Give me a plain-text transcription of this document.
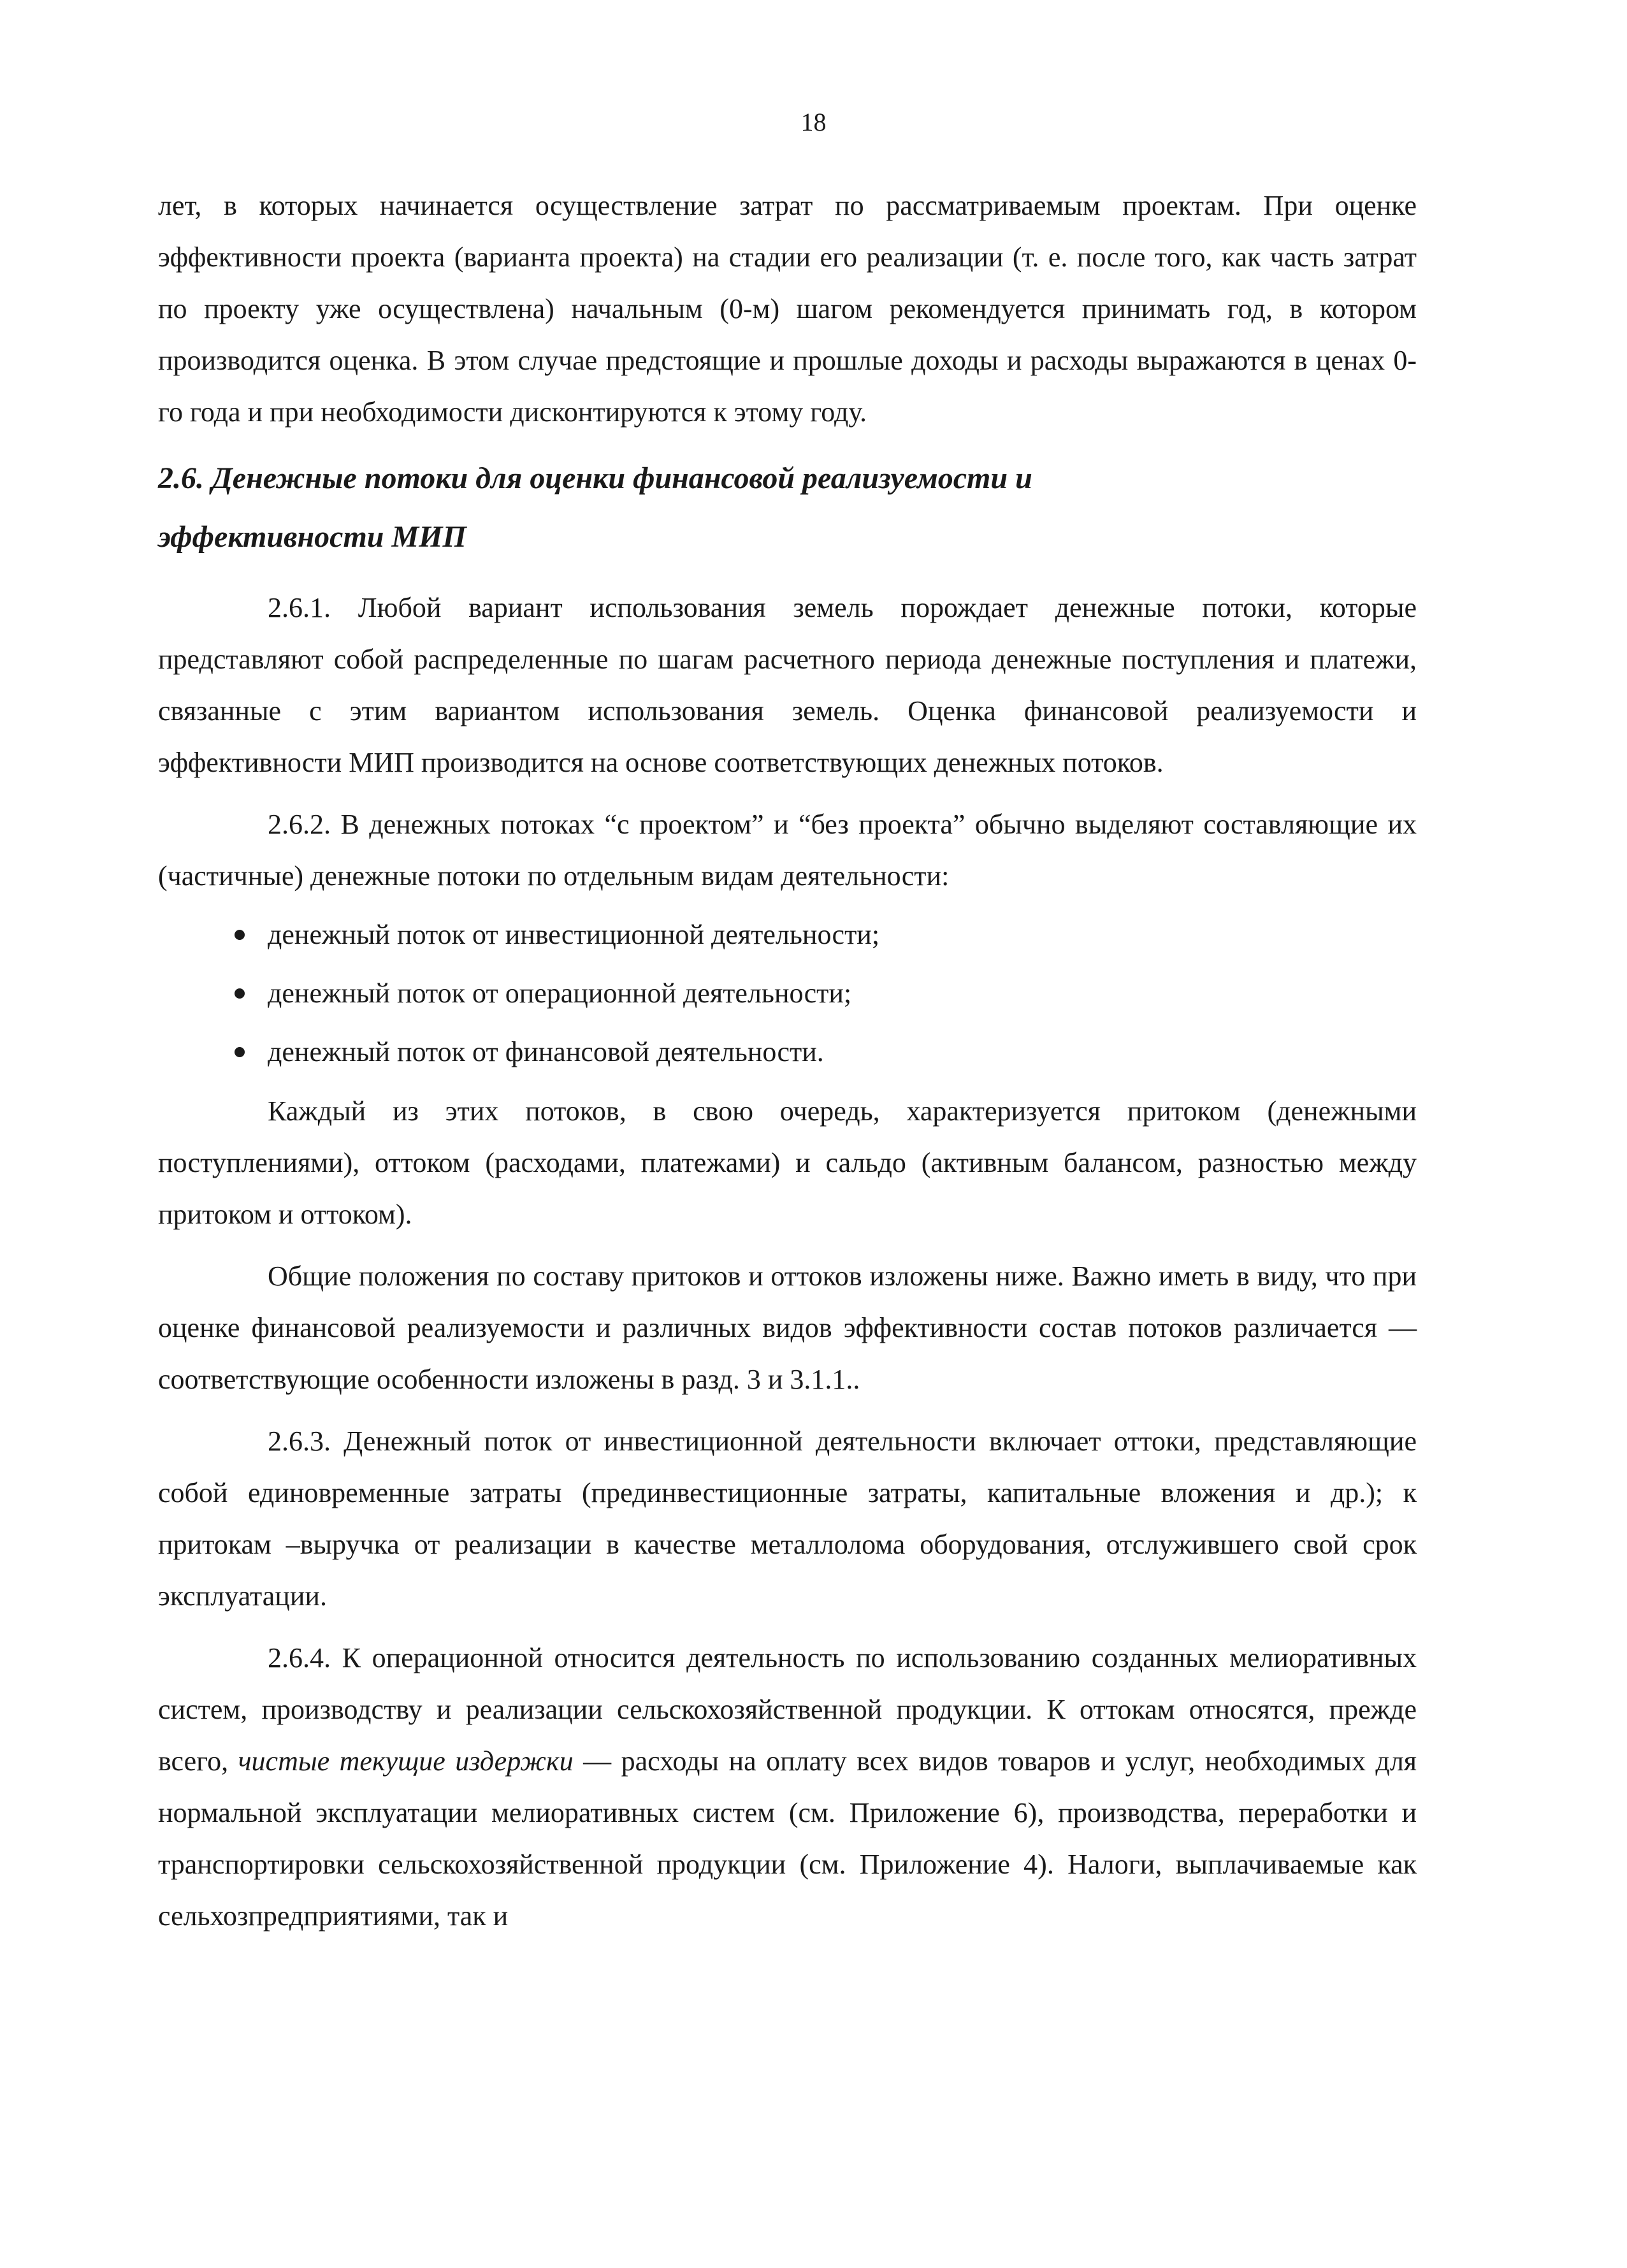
18

лет, в которых начинается осуществление затрат по рассматриваемым проектам. При оценке эффективности проекта (варианта проекта) на стадии его реализации (т. е. после того, как часть затрат по проекту уже осуществлена) начальным (0-м) шагом рекомендуется принимать год, в котором производится оценка. В этом случае предстоящие и прошлые доходы и расходы выражаются в ценах 0-го года и при необходимости дисконтируются к этому году.

2.6. Денежные потоки для оценки финансовой реализуемости и

эффективности МИП

2.6.1. Любой вариант использования земель порождает денежные потоки, которые представляют собой распределенные по шагам расчетного периода денежные поступления и платежи, связанные с этим вариантом использования земель. Оценка финансовой реализуемости и эффективности МИП производится на основе соответствующих денежных потоков.

2.6.2. В денежных потоках “с проектом” и “без проекта” обычно выделяют составляющие их (частичные) денежные потоки по отдельным видам деятельности:

денежный поток от инвестиционной деятельности;
денежный поток от операционной деятельности;
денежный поток от финансовой деятельности.

Каждый из этих потоков, в свою очередь, характеризуется притоком (денежными поступлениями), оттоком (расходами, платежами) и сальдо (активным балансом, разностью между притоком и оттоком).

Общие положения по составу притоков и оттоков изложены ниже. Важно иметь в виду, что при оценке финансовой реализуемости и различных видов эффективности состав потоков различается — соответствующие особенности изложены в разд. 3 и 3.1.1..

2.6.3. Денежный поток от инвестиционной деятельности включает оттоки, представляющие собой единовременные затраты (прединвестиционные затраты, капитальные вложения и др.); к притокам –выручка от реализации в качестве металлолома оборудования, отслужившего свой срок эксплуатации.

2.6.4. К операционной относится деятельность по использованию созданных мелиоративных систем, производству и реализации сельскохозяйственной продукции. К оттокам относятся, прежде всего, чистые текущие издержки — расходы на оплату всех видов товаров и услуг, необходимых для нормальной эксплуатации мелиоративных систем (см. Приложение 6), производства, переработки и транспортировки сельскохозяйственной продукции (см. Приложение 4). Налоги, выплачиваемые как сельхозпредприятиями, так и
